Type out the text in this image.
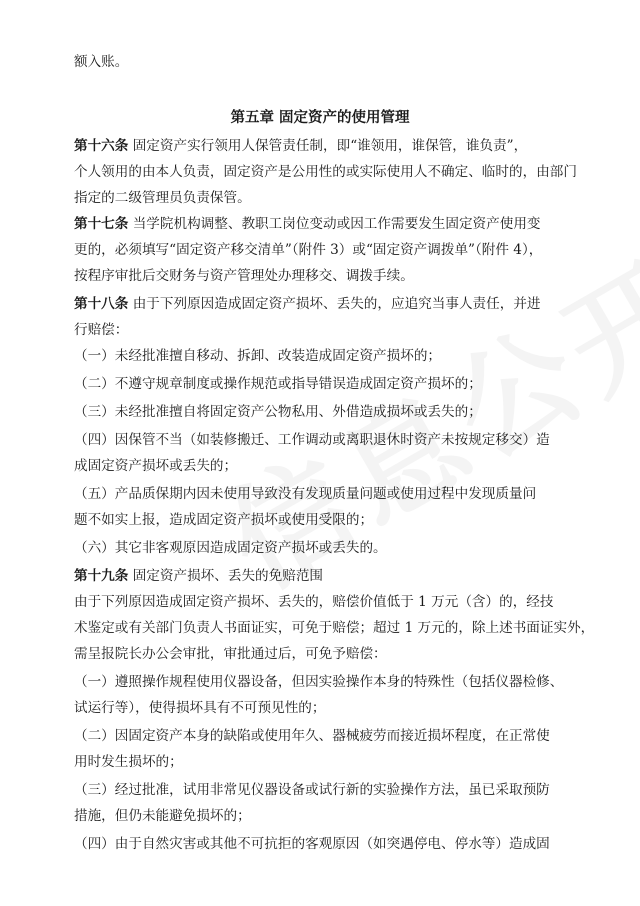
额入账。
第五章 固定资产的使用管理
第十六条 固定资产实行领用人保管责任制，即“谁领用，谁保管，谁负责”，
个人领用的由本人负责，固定资产是公用性的或实际使用人不确定、临时的，由部门
指定的二级管理员负责保管。
第十七条 当学院机构调整、教职工岗位变动或因工作需要发生固定资产使用变
更的，必须填写“固定资产移交清单”（附件 3）或“固定资产调拨单”（附件 4），
按程序审批后交财务与资产管理处办理移交、调拨手续。
第十八条 由于下列原因造成固定资产损坏、丢失的，应追究当事人责任，并进
行赔偿：
（一）未经批准擅自移动、拆卸、改装造成固定资产损坏的；
（二）不遵守规章制度或操作规范或指导错误造成固定资产损坏的；
（三）未经批准擅自将固定资产公物私用、外借造成损坏或丢失的；
（四）因保管不当（如装修搬迁、工作调动或离职退休时资产未按规定移交）造
成固定资产损坏或丢失的；
（五）产品质保期内因未使用导致没有发现质量问题或使用过程中发现质量问
题不如实上报，造成固定资产损坏或使用受限的；
（六）其它非客观原因造成固定资产损坏或丢失的。
第十九条 固定资产损坏、丢失的免赔范围
由于下列原因造成固定资产损坏、丢失的，赔偿价值低于 1 万元（含）的，经技
术鉴定或有关部门负责人书面证实，可免于赔偿；超过 1 万元的，除上述书面证实外，
需呈报院长办公会审批，审批通过后，可免予赔偿：
（一）遵照操作规程使用仪器设备，但因实验操作本身的特殊性（包括仪器检修、
试运行等），使得损坏具有不可预见性的；
（二）因固定资产本身的缺陷或使用年久、器械疲劳而接近损坏程度，在正常使
用时发生损坏的；
（三）经过批准，试用非常见仪器设备或试行新的实验操作方法，虽已采取预防
措施，但仍未能避免损坏的；
（四）由于自然灾害或其他不可抗拒的客观原因（如突遇停电、停水等）造成固
